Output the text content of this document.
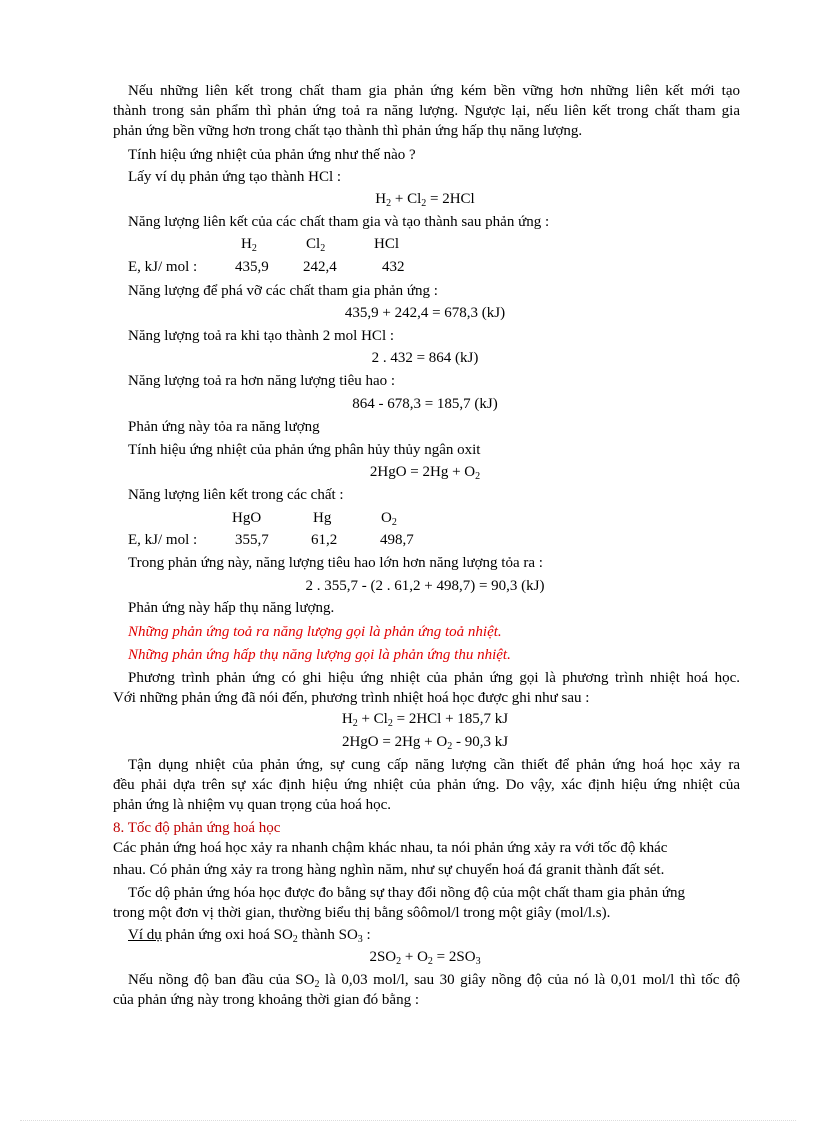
Nếu những liên kết trong chất tham gia phản ứng kém bền vững hơn những liên kết mới tạo
thành trong sản phẩm thì phản ứng toả ra năng lượng. Ngược lại, nếu liên kết trong chất tham gia
phản ứng bền vững hơn trong chất tạo thành thì phản ứng hấp thụ năng lượng.
Tính hiệu ứng nhiệt của phản ứng như thế nào ?
Lấy ví dụ phản ứng tạo thành HCl :
$H_2 + Cl_2 = 2HCl$
Năng lượng liên kết của các chất tham gia và tạo thành sau phản ứng :
Năng lượng để phá vỡ các chất tham gia phản ứng :
435,9 + 242,4 = 678,3 (kJ)
Năng lượng toả ra khi tạo thành 2 mol HCl :
2 . 432 = 864 (kJ)
Năng lượng toả ra hơn năng lượng tiêu hao :
864 - 678,3 = 185,7 (kJ)
Phản ứng này tỏa ra năng lượng
Tính hiệu ứng nhiệt của phản ứng phân hủy thủy ngân oxit
$2HgO = 2Hg + O_2$
Năng lượng liên kết trong các chất :
Trong phản ứng này, năng lượng tiêu hao lớn hơn năng lượng tỏa ra :
2 . 355,7 - (2 . 61,2 + 498,7) = 90,3 (kJ)
Phản ứng này hấp thụ năng lượng.
Những phản ứng toả ra năng lượng gọi là phản ứng toả nhiệt.
Những phản ứng hấp thụ năng lượng gọi là phản ứng thu nhiệt.
Phương trình phản ứng có ghi hiệu ứng nhiệt của phản ứng gọi là phương trình nhiệt hoá học.
Với những phản ứng đã nói đến, phương trình nhiệt hoá học được ghi như sau :
$H_2 + Cl_2 = 2HCl + 185,7$ kJ
$2HgO = 2Hg + O_2 - 90,3$ kJ
Tận dụng nhiệt của phản ứng, sự cung cấp năng lượng cần thiết để phản ứng hoá học xảy ra
đều phải dựa trên sự xác định hiệu ứng nhiệt của phản ứng. Do vậy, xác định hiệu ứng nhiệt của
phản ứng là nhiệm vụ quan trọng của hoá học.
8. Tốc độ phản ứng hoá học
Các phản ứng hoá học xảy ra nhanh chậm khác nhau, ta nói phản ứng xảy ra với tốc độ khác
nhau. Có phản ứng xảy ra trong hàng nghìn năm, như sự chuyển hoá đá granit thành đất sét.
Tốc dộ phản ứng hóa học được đo bằng sự thay đổi nồng độ của một chất tham gia phản ứng
trong một đơn vị thời gian, thường biểu thị bằng sôômol/l trong một giây (mol/l.s).
Ví dụ phản ứng oxi hoá $SO_2$ thành $SO_3$ :
$2SO_2 + O_2 = 2SO_3$
Nếu nồng độ ban đầu của $SO_2$ là 0,03 mol/l, sau 30 giây nồng độ của nó là 0,01 mol/l thì tốc độ
của phản ứng này trong khoảng thời gian đó bằng :
$H_2$	$Cl_2$	HCl
E, kJ/ mol :	435,9 242,4	432
HgO	Hg	$O_2$
E, kJ/ mol :	355,7	61,2	498,7
